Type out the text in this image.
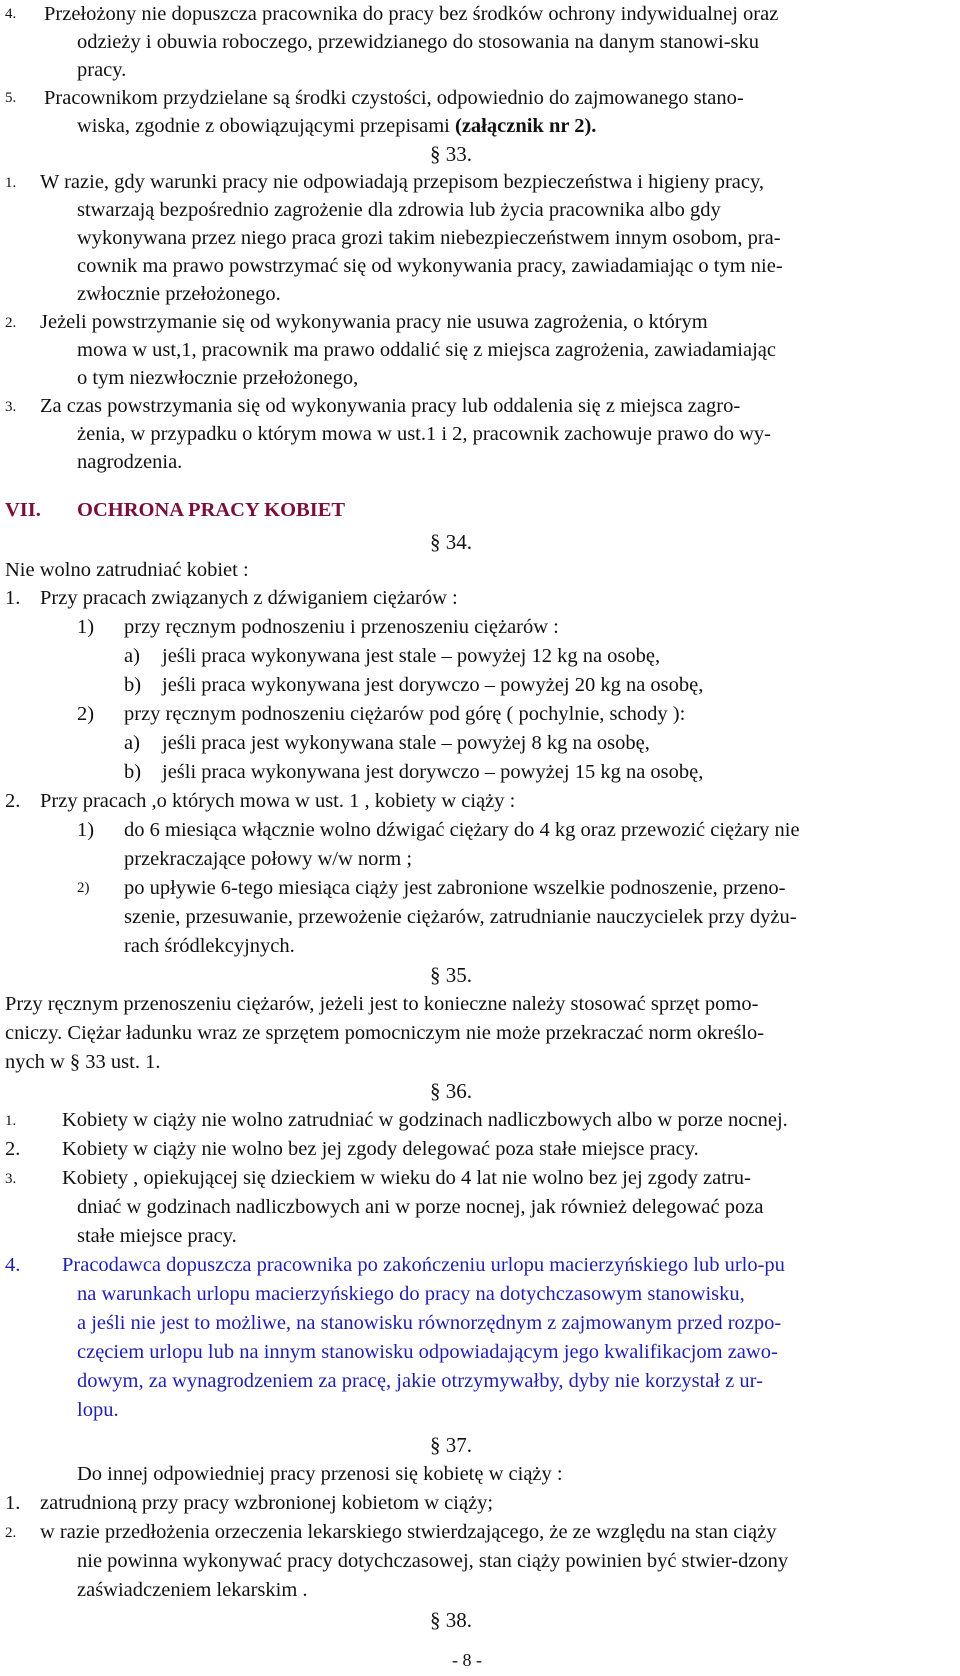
4. Przełożony nie dopuszcza pracownika do pracy bez środków ochrony indywidualnej oraz
odzieży i obuwia roboczego, przewidzianego do stosowania na danym stanowi-sku
pracy.
5. Pracownikom przydzielane są środki czystości, odpowiednio do zajmowanego stano-
wiska, zgodnie z obowiązującymi przepisami (załącznik nr 2).
§ 33.
1. W razie, gdy warunki pracy nie odpowiadają przepisom bezpieczeństwa i higieny pracy,
stwarzają bezpośrednio zagrożenie dla zdrowia lub życia pracownika albo gdy
wykonywana przez niego praca grozi takim niebezpieczeństwem innym osobom, pra-
cownik ma prawo powstrzymać się od wykonywania pracy, zawiadamiając o tym nie-
zwłocznie przełożonego.
2. Jeżeli powstrzymanie się od wykonywania pracy nie usuwa zagrożenia, o którym
mowa w ust,1, pracownik ma prawo oddalić się z miejsca zagrożenia, zawiadamiając
o tym niezwłocznie przełożonego,
3. Za czas powstrzymania się od wykonywania pracy lub oddalenia się z miejsca zagro-
żenia, w przypadku o którym mowa w ust.1 i 2, pracownik zachowuje prawo do wy-
nagrodzenia.
VII. OCHRONA PRACY KOBIET
§ 34.
Nie wolno zatrudniać kobiet :
1. Przy pracach związanych z dźwiganiem ciężarów :
1) przy ręcznym podnoszeniu i przenoszeniu ciężarów :
a) jeśli praca wykonywana jest stale – powyżej 12 kg na osobę,
b) jeśli praca wykonywana jest dorywczo – powyżej 20 kg na osobę,
2) przy ręcznym podnoszeniu ciężarów pod górę ( pochylnie, schody ):
a) jeśli praca jest wykonywana stale – powyżej 8 kg na osobę,
b) jeśli praca wykonywana jest dorywczo – powyżej 15 kg na osobę,
2. Przy pracach ,o których mowa w ust. 1 , kobiety w ciąży :
1) do 6 miesiąca włącznie wolno dźwigać ciężary do 4 kg oraz przewozić ciężary nie
przekraczające połowy w/w norm ;
2) po upływie 6-tego miesiąca ciąży jest zabronione wszelkie podnoszenie, przeno-
szenie, przesuwanie, przewożenie ciężarów, zatrudnianie nauczycielek przy dyżu-
rach śródlekcyjnych.
§ 35.
Przy ręcznym przenoszeniu ciężarów, jeżeli jest to konieczne należy stosować sprzęt pomo-
cniczy. Ciężar ładunku wraz ze sprzętem pomocniczym nie może przekraczać norm określo-
nych w § 33 ust. 1.
§ 36.
1. Kobiety w ciąży nie wolno zatrudniać w godzinach nadliczbowych albo w porze nocnej.
2. Kobiety w ciąży nie wolno bez jej zgody delegować poza stałe miejsce pracy.
3. Kobiety , opiekującej się dzieckiem w wieku do 4 lat nie wolno bez jej zgody zatru-
dniać w godzinach nadliczbowych ani w porze nocnej, jak również delegować poza
stałe miejsce pracy.
4. Pracodawca dopuszcza pracownika po zakończeniu urlopu macierzyńskiego lub urlo-pu
na warunkach urlopu macierzyńskiego do pracy na dotychczasowym stanowisku,
a jeśli nie jest to możliwe, na stanowisku równorzędnym z zajmowanym przed rozpo-
częciem urlopu lub na innym stanowisku odpowiadającym jego kwalifikacjom zawo-
dowym, za wynagrodzeniem za pracę, jakie otrzymywałby, dyby nie korzystał z ur-
lopu.
§ 37.
Do innej odpowiedniej pracy przenosi się kobietę w ciąży :
1. zatrudnioną przy pracy wzbronionej kobietom w ciąży;
2. w razie przedłożenia orzeczenia lekarskiego stwierdzającego, że ze względu na stan ciąży
nie powinna wykonywać pracy dotychczasowej, stan ciąży powinien być stwier-dzony
zaświadczeniem lekarskim .
§ 38.
- 8 -
